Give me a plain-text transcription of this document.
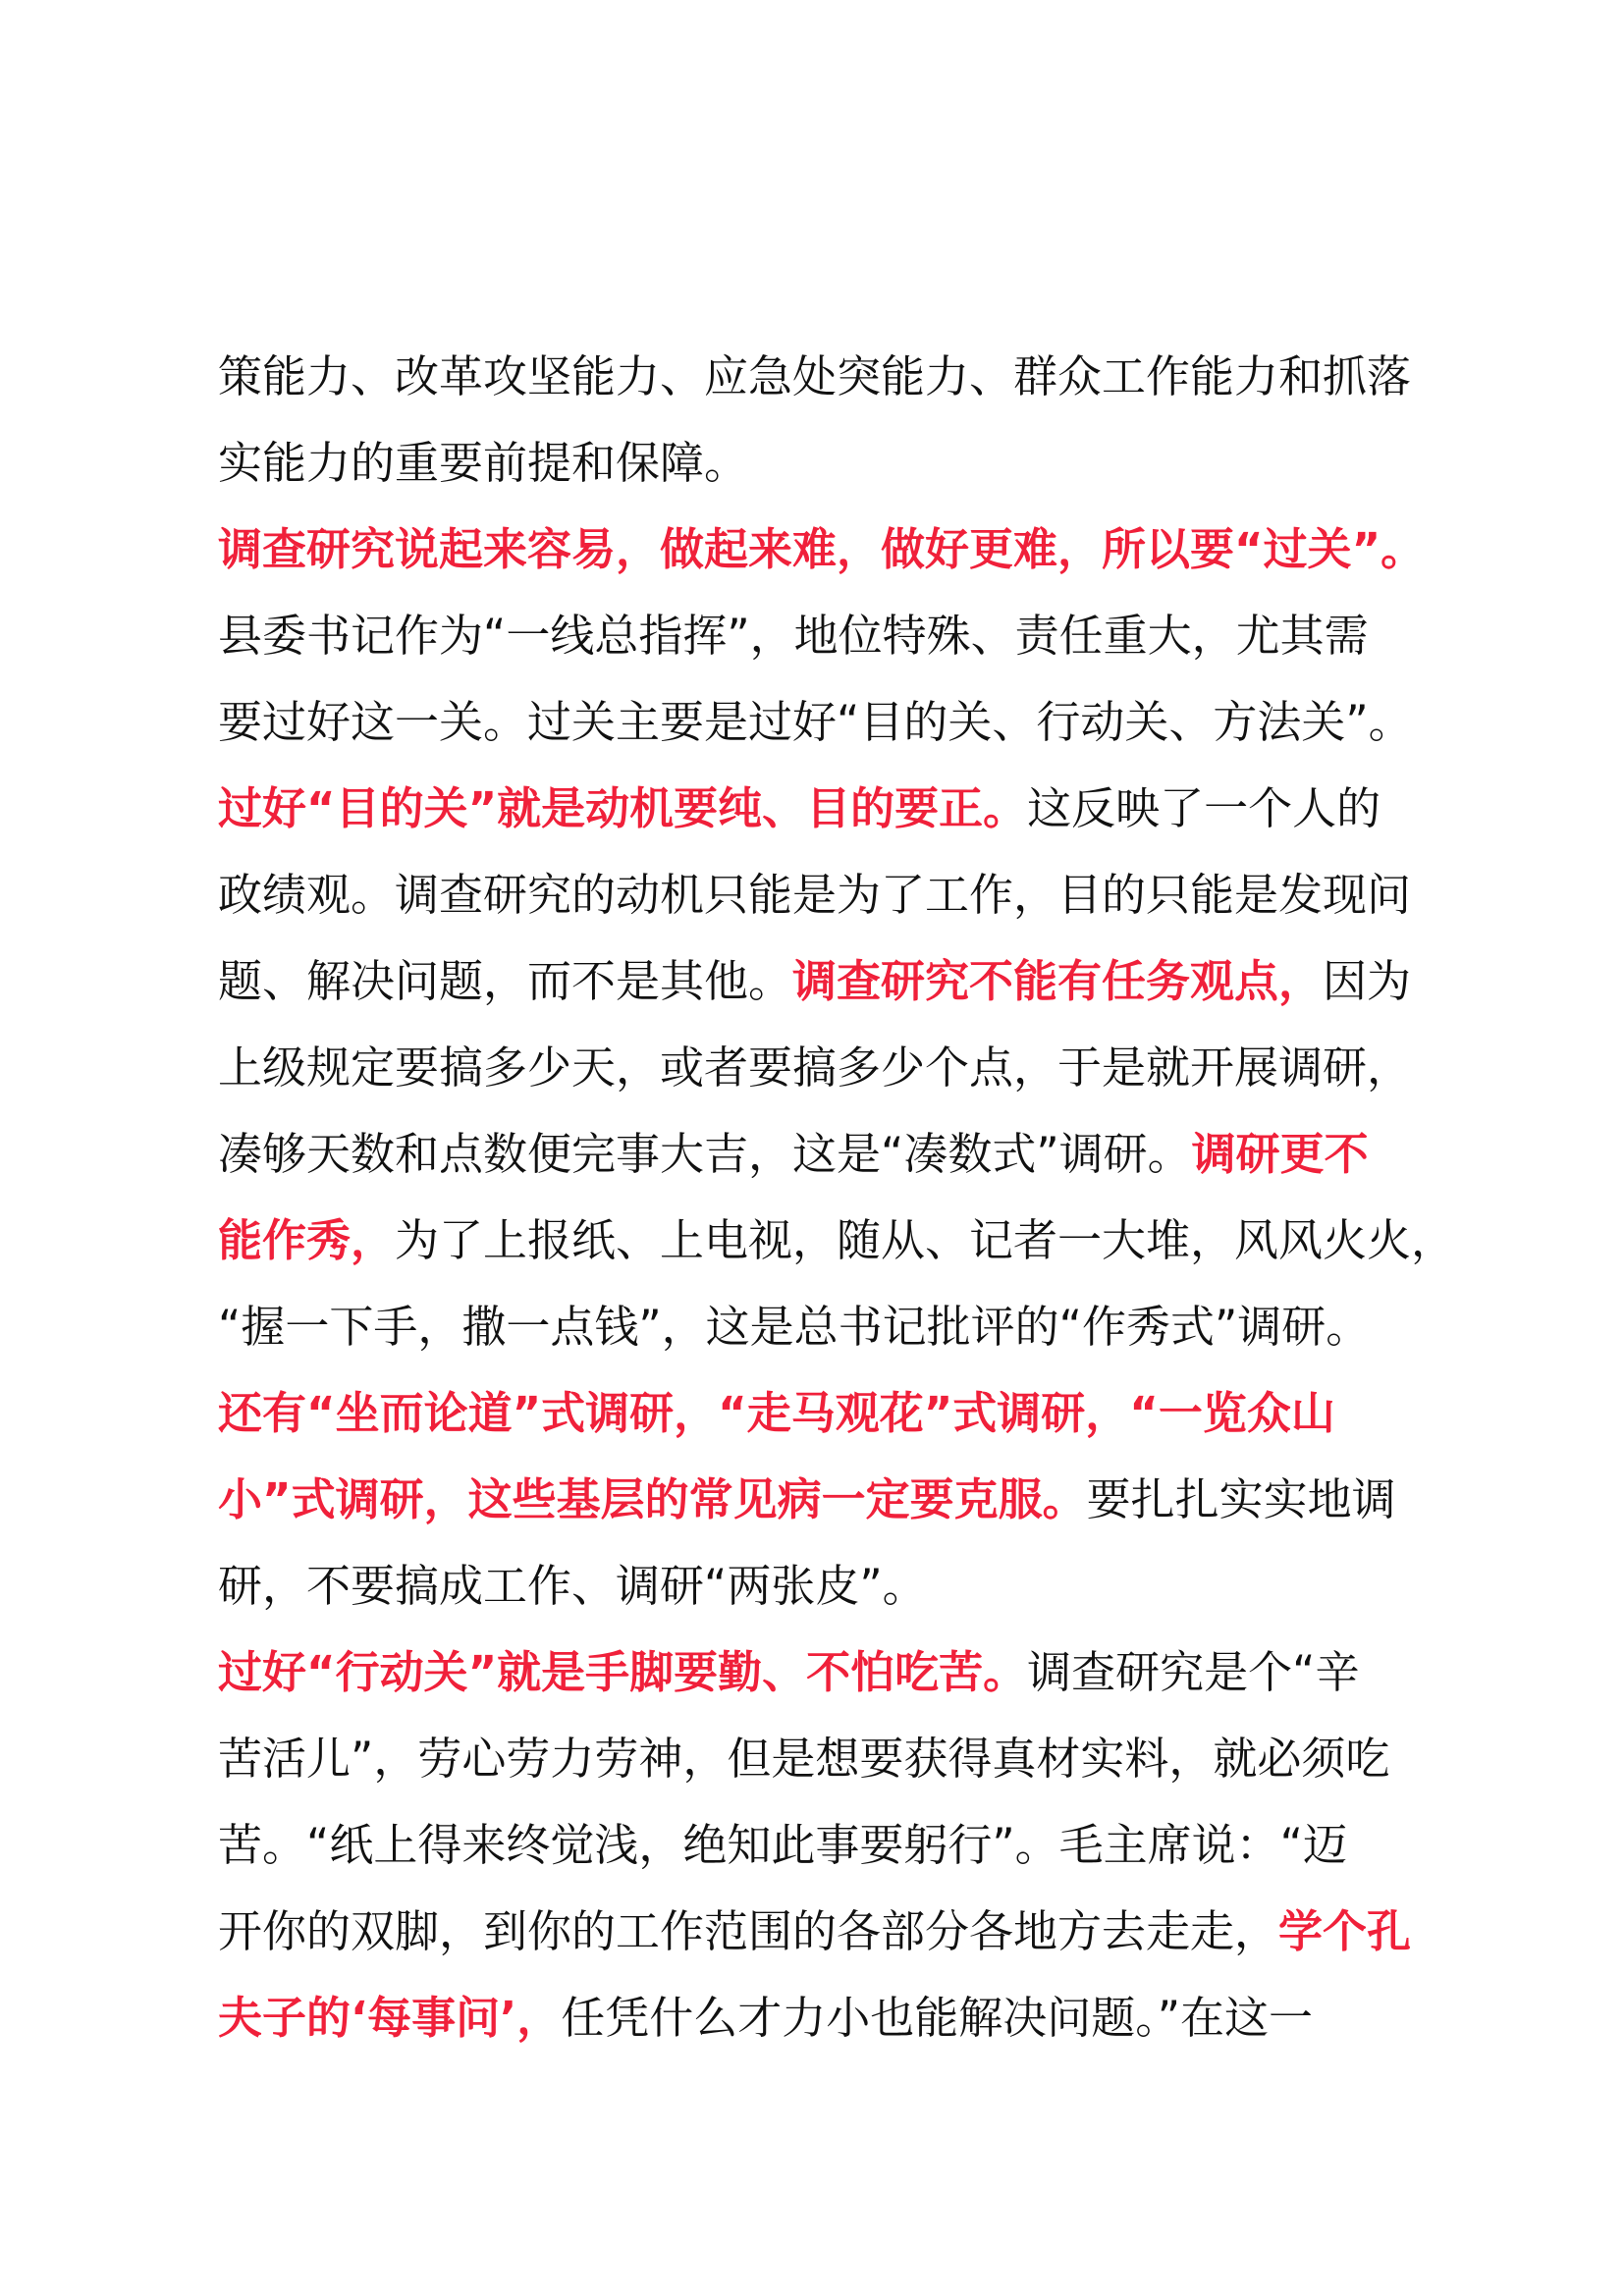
策能力、改革攻坚能力、应急处突能力、群众工作能力和抓落
实能力的重要前提和保障。
调查研究说起来容易，做起来难，做好更难，所以要“过关”。
县委书记作为“一线总指挥”，地位特殊、责任重大，尤其需
要过好这一关。过关主要是过好“目的关、行动关、方法关”。
过好“目的关”就是动机要纯、目的要正。这反映了一个人的
政绩观。调查研究的动机只能是为了工作，目的只能是发现问
题、解决问题，而不是其他。调查研究不能有任务观点，因为
上级规定要搞多少天，或者要搞多少个点，于是就开展调研，
凑够天数和点数便完事大吉，这是“凑数式”调研。调研更不
能作秀，为了上报纸、上电视，随从、记者一大堆，风风火火，
“握一下手，撒一点钱”，这是总书记批评的“作秀式”调研。
还有“坐而论道”式调研，“走马观花”式调研，“一览众山
小”式调研，这些基层的常见病一定要克服。要扎扎实实地调
研，不要搞成工作、调研“两张皮”。
过好“行动关”就是手脚要勤、不怕吃苦。调查研究是个“辛
苦活儿”，劳心劳力劳神，但是想要获得真材实料，就必须吃
苦。“纸上得来终觉浅，绝知此事要躬行”。毛主席说：“迈
开你的双脚，到你的工作范围的各部分各地方去走走，学个孔
夫子的‘每事问’，任凭什么才力小也能解决问题。”在这一
